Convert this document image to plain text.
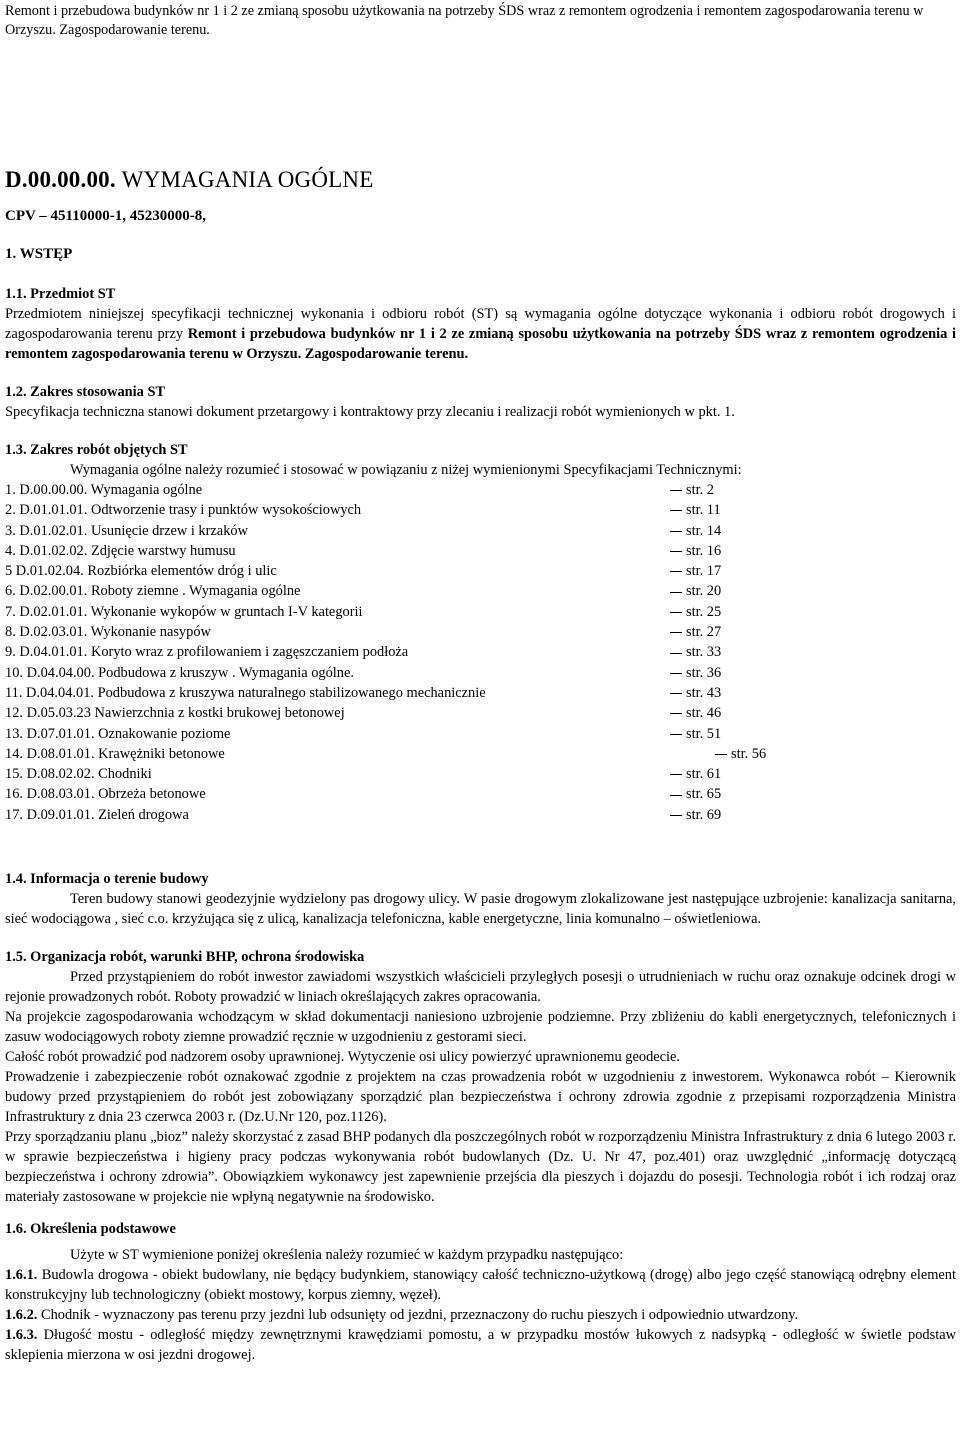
Remont i przebudowa budynków nr 1 i 2 ze zmianą sposobu użytkowania na potrzeby ŚDS wraz z remontem ogrodzenia i remontem zagospodarowania terenu w Orzyszu. Zagospodarowanie terenu.
D.00.00.00. WYMAGANIA OGÓLNE
CPV – 45110000-1, 45230000-8,
1. WSTĘP

1.1. Przedmiot ST

Przedmiotem niniejszej specyfikacji technicznej wykonania i odbioru robót (ST) są wymagania ogólne dotyczące wykonania i odbioru robót drogowych i zagospodarowania terenu przy Remont i przebudowa budynków nr 1 i 2 ze zmianą sposobu użytkowania na potrzeby ŚDS wraz z remontem ogrodzenia i remontem zagospodarowania terenu w Orzyszu. Zagospodarowanie terenu.

1.2. Zakres stosowania ST

Specyfikacja techniczna stanowi dokument przetargowy i kontraktowy przy zlecaniu i realizacji robót wymienionych w pkt. 1.

1.3. Zakres robót objętych ST

Wymagania ogólne należy rozumieć i stosować w powiązaniu z niżej wymienionymi Specyfikacjami Technicznymi:

1. D.00.00.00. Wymagania ogólne	str. 2
2. D.01.01.01. Odtworzenie trasy i punktów wysokościowych	str. 11
3. D.01.02.01. Usunięcie drzew i krzaków	str. 14
4. D.01.02.02. Zdjęcie warstwy humusu	str. 16
5 D.01.02.04. Rozbiórka elementów dróg i ulic	str. 17
6. D.02.00.01. Roboty ziemne . Wymagania ogólne	str. 20
7. D.02.01.01. Wykonanie wykopów w gruntach I-V kategorii	str. 25
8. D.02.03.01. Wykonanie nasypów	str. 27
9. D.04.01.01. Koryto wraz z profilowaniem i zagęszczaniem podłoża	str. 33
10. D.04.04.00. Podbudowa z kruszyw . Wymagania ogólne.	str. 36
11. D.04.04.01. Podbudowa z kruszywa naturalnego stabilizowanego mechanicznie	str. 43
12. D.05.03.23 Nawierzchnia z kostki brukowej betonowej	str. 46
13. D.07.01.01. Oznakowanie poziome	str. 51
14. D.08.01.01. Krawężniki betonowe	str. 56
15. D.08.02.02. Chodniki	str. 61
16. D.08.03.01. Obrzeża betonowe	str. 65
17. D.09.01.01. Zieleń drogowa	str. 69

1.4. Informacja o terenie budowy

Teren budowy stanowi geodezyjnie wydzielony pas drogowy ulicy. W pasie drogowym zlokalizowane jest następujące uzbrojenie: kanalizacja sanitarna, sieć wodociągowa , sieć c.o. krzyżująca się z ulicą, kanalizacja telefoniczna, kable energetyczne, linia komunalno – oświetleniowa.

1.5. Organizacja robót, warunki BHP, ochrona środowiska

Przed przystąpieniem do robót inwestor zawiadomi wszystkich właścicieli przyległych posesji o utrudnieniach w ruchu oraz oznakuje odcinek drogi w rejonie prowadzonych robót. Roboty prowadzić w liniach określających zakres opracowania.

Na projekcie zagospodarowania wchodzącym w skład dokumentacji naniesiono uzbrojenie podziemne. Przy zbliżeniu do kabli energetycznych, telefonicznych i zasuw wodociągowych roboty ziemne prowadzić ręcznie w uzgodnieniu z gestorami sieci.

Całość robót prowadzić pod nadzorem osoby uprawnionej. Wytyczenie osi ulicy powierzyć uprawnionemu geodecie.

Prowadzenie i zabezpieczenie robót oznakować zgodnie z projektem na czas prowadzenia robót w uzgodnieniu z inwestorem. Wykonawca robót – Kierownik budowy przed przystąpieniem do robót jest zobowiązany sporządzić plan bezpieczeństwa i ochrony zdrowia zgodnie z przepisami rozporządzenia Ministra Infrastruktury z dnia 23 czerwca 2003 r. (Dz.U.Nr 120, poz.1126).

Przy sporządzaniu planu „bioz” należy skorzystać z zasad BHP podanych dla poszczególnych robót w rozporządzeniu Ministra Infrastruktury z dnia 6 lutego 2003 r. w sprawie bezpieczeństwa i higieny pracy podczas wykonywania robót budowlanych (Dz. U. Nr 47, poz.401) oraz uwzględnić „informację dotyczącą bezpieczeństwa i ochrony zdrowia”. Obowiązkiem wykonawcy jest zapewnienie przejścia dla pieszych i dojazdu do posesji. Technologia robót i ich rodzaj oraz materiały zastosowane w projekcie nie wpłyną negatywnie na środowisko.

1.6. Określenia podstawowe

Użyte w ST wymienione poniżej określenia należy rozumieć w każdym przypadku następująco:

1.6.1. Budowla drogowa - obiekt budowlany, nie będący budynkiem, stanowiący całość techniczno-użytkową (drogę) albo jego część stanowiącą odrębny element konstrukcyjny lub technologiczny (obiekt mostowy, korpus ziemny, węzeł).

1.6.2. Chodnik - wyznaczony pas terenu przy jezdni lub odsunięty od jezdni, przeznaczony do ruchu pieszych i odpowiednio utwardzony.

1.6.3. Długość mostu - odległość między zewnętrznymi krawędziami pomostu, a w przypadku mostów łukowych z nadsypką - odległość w świetle podstaw sklepienia mierzona w osi jezdni drogowej.
